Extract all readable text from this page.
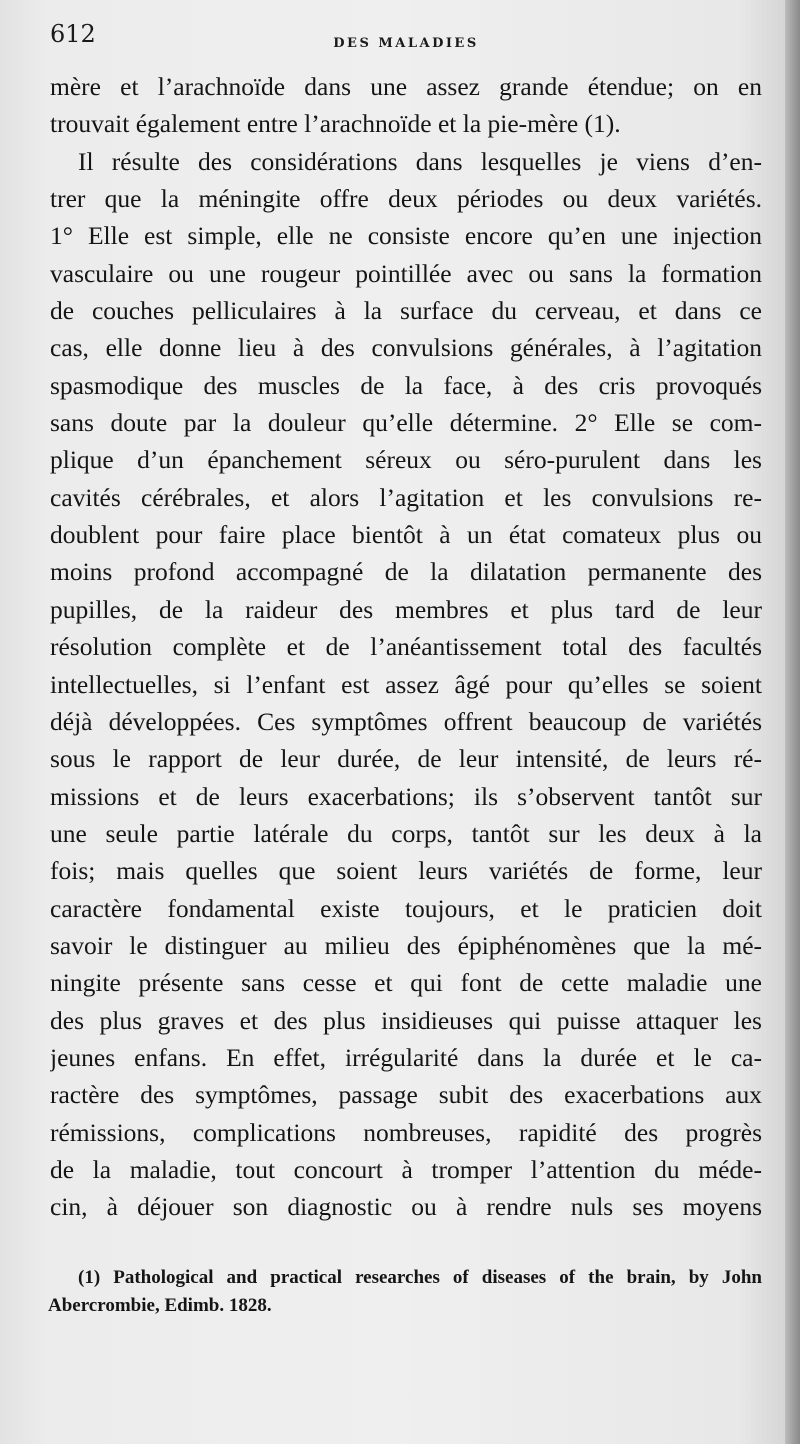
612	DES MALADIES
mère et l’arachnoïde dans une assez grande étendue; on en
trouvait également entre l’arachnoïde et la pie-mère (1).
Il résulte des considérations dans lesquelles je viens d’en-
trer que la méningite offre deux périodes ou deux variétés.
1° Elle est simple, elle ne consiste encore qu’en une injection
vasculaire ou une rougeur pointillée avec ou sans la formation
de couches pelliculaires à la surface du cerveau, et dans ce
cas, elle donne lieu à des convulsions générales, à l’agitation
spasmodique des muscles de la face, à des cris provoqués
sans doute par la douleur qu’elle détermine. 2° Elle se com-
plique d’un épanchement séreux ou séro-purulent dans les
cavités cérébrales, et alors l’agitation et les convulsions re-
doublent pour faire place bientôt à un état comateux plus ou
moins profond accompagné de la dilatation permanente des
pupilles, de la raideur des membres et plus tard de leur
résolution complète et de l’anéantissement total des facultés
intellectuelles, si l’enfant est assez âgé pour qu’elles se soient
déjà développées. Ces symptômes offrent beaucoup de variétés
sous le rapport de leur durée, de leur intensité, de leurs ré-
missions et de leurs exacerbations; ils s’observent tantôt sur
une seule partie latérale du corps, tantôt sur les deux à la
fois; mais quelles que soient leurs variétés de forme, leur
caractère fondamental existe toujours, et le praticien doit
savoir le distinguer au milieu des épiphénomènes que la mé-
ningite présente sans cesse et qui font de cette maladie une
des plus graves et des plus insidieuses qui puisse attaquer les
jeunes enfans. En effet, irrégularité dans la durée et le ca-
ractère des symptômes, passage subit des exacerbations aux
rémissions, complications nombreuses, rapidité des progrès
de la maladie, tout concourt à tromper l’attention du méde-
cin, à déjouer son diagnostic ou à rendre nuls ses moyens
(1) Pathological and practical researches of diseases of the brain, by John
Abercrombie, Edimb. 1828.
